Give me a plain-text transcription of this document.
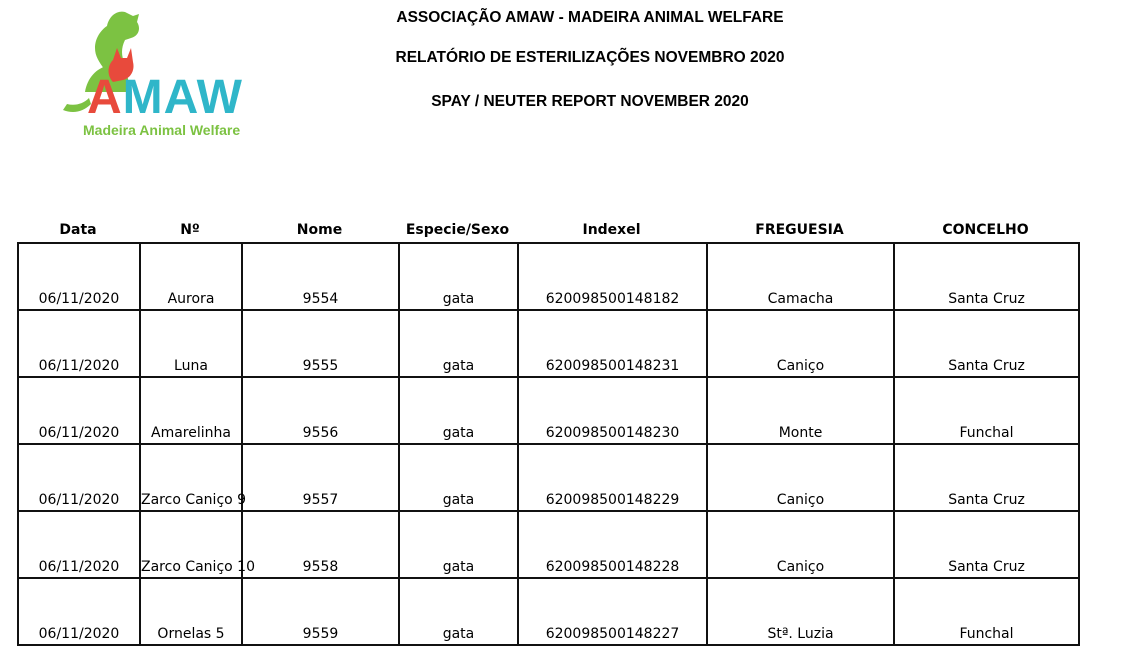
AMAW
Madeira Animal Welfare
ASSOCIAÇÃO AMAW - MADEIRA ANIMAL WELFARE
RELATÓRIO DE ESTERILIZAÇÕES NOVEMBRO 2020
SPAY / NEUTER REPORT NOVEMBER 2020
Data	Nº	Nome	Especie/Sexo	Indexel	FREGUESIA	CONCELHO
06/11/2020	Aurora	9554	gata	620098500148182	Camacha	Santa Cruz
06/11/2020	Luna	9555	gata	620098500148231	Caniço	Santa Cruz
06/11/2020	Amarelinha	9556	gata	620098500148230	Monte	Funchal
06/11/2020	Zarco Caniço 9	9557	gata	620098500148229	Caniço	Santa Cruz
06/11/2020	Zarco Caniço 10	9558	gata	620098500148228	Caniço	Santa Cruz
06/11/2020	Ornelas 5	9559	gata	620098500148227	Stª. Luzia	Funchal
